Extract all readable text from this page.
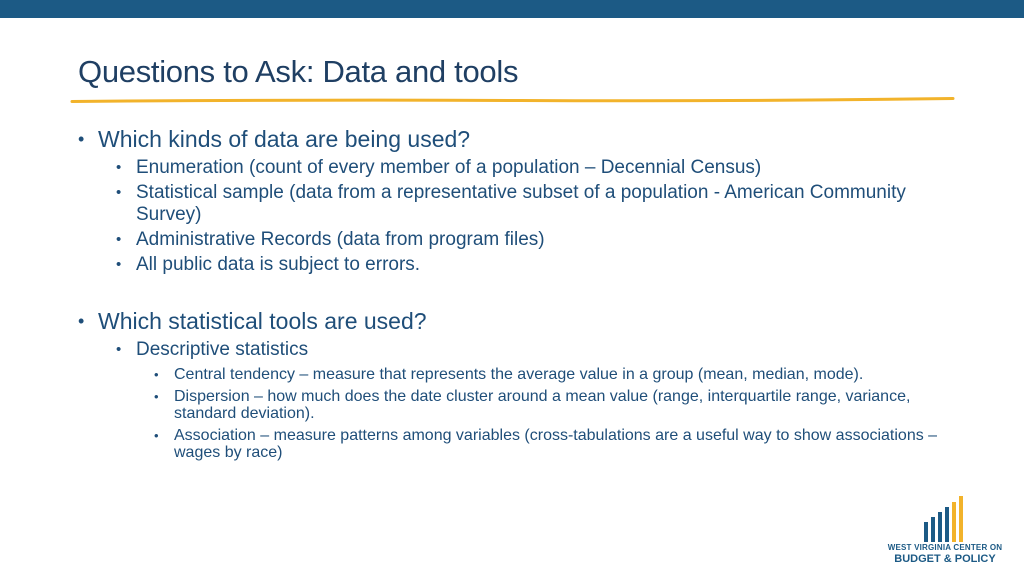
Questions to Ask: Data and tools
• Which kinds of data are being used?
• Enumeration (count of every member of a population – Decennial Census)
• Statistical sample (data from a representative subset of a population - American Community Survey)
• Administrative Records (data from program files)
• All public data is subject to errors.
• Which statistical tools are used?
• Descriptive statistics
• Central tendency – measure that represents the average value in a group (mean, median, mode).
• Dispersion – how much does the date cluster around a mean value (range, interquartile range, variance, standard deviation).
• Association – measure patterns among variables (cross-tabulations are a useful way to show associations – wages by race)
WEST VIRGINIA CENTER ON
BUDGET & POLICY
